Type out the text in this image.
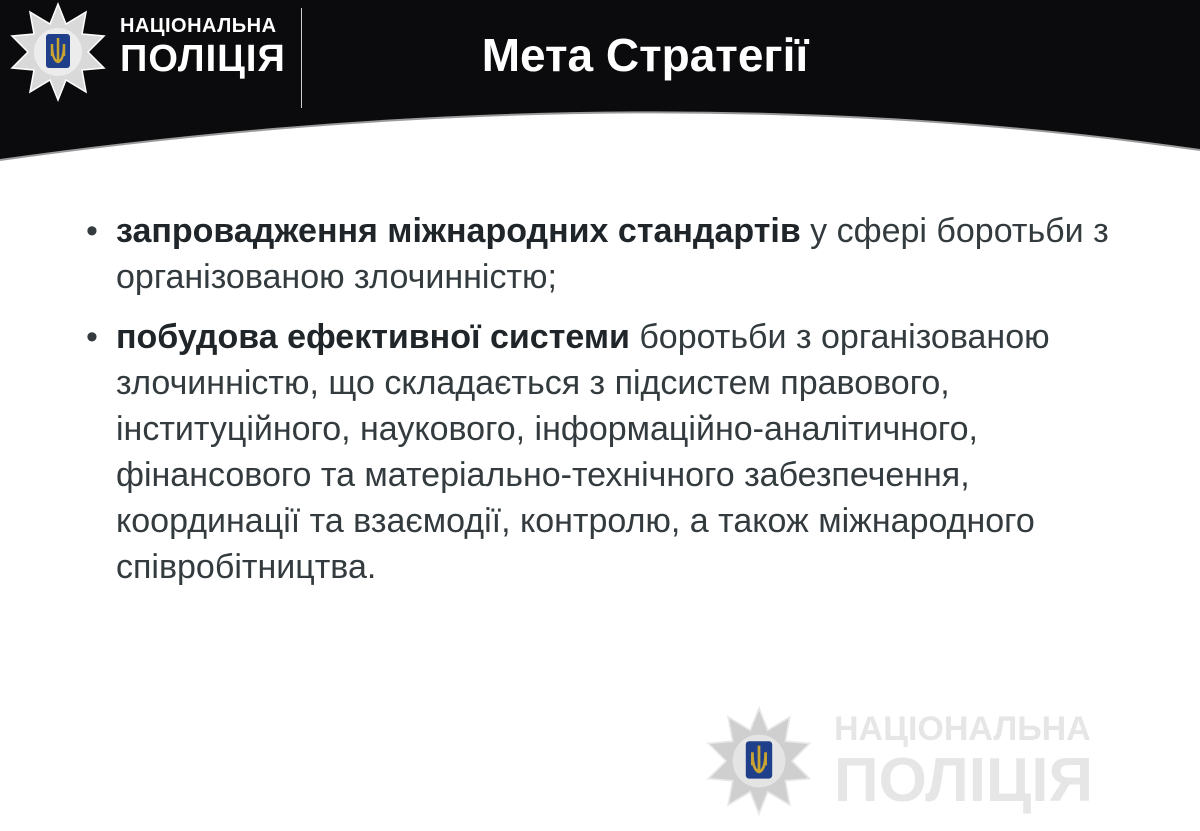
НАЦІОНАЛЬНА
ПОЛІЦІЯ	Мета Стратегії
• запровадження міжнародних стандартів у сфері боротьби з організованою злочинністю;
• побудова ефективної системи боротьби з організованою злочинністю, що складається з підсистем правового, інституційного, наукового, інформаційно-аналітичного, фінансового та матеріально-технічного забезпечення, координації та взаємодії, контролю, а також міжнародного співробітництва.
НАЦІОНАЛЬНА
ПОЛІЦІЯ
